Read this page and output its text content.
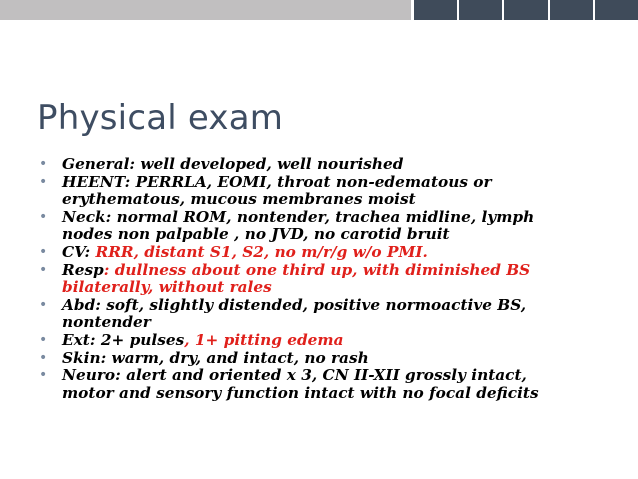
Physical exam
• General: well developed, well nourished
• HEENT: PERRLA, EOMI, throat non-edematous or
erythematous, mucous membranes moist
• Neck: normal ROM, nontender, trachea midline, lymph
nodes non palpable , no JVD, no carotid bruit
• CV: RRR, distant S1, S2, no m/r/g w/o PMI.
• Resp: dullness about one third up, with diminished BS
bilaterally, without rales
• Abd: soft, slightly distended, positive normoactive BS,
nontender
• Ext: 2+ pulses, 1+ pitting edema
• Skin: warm, dry, and intact, no rash
• Neuro: alert and oriented x 3, CN II-XII grossly intact,
motor and sensory function intact with no focal deficits
